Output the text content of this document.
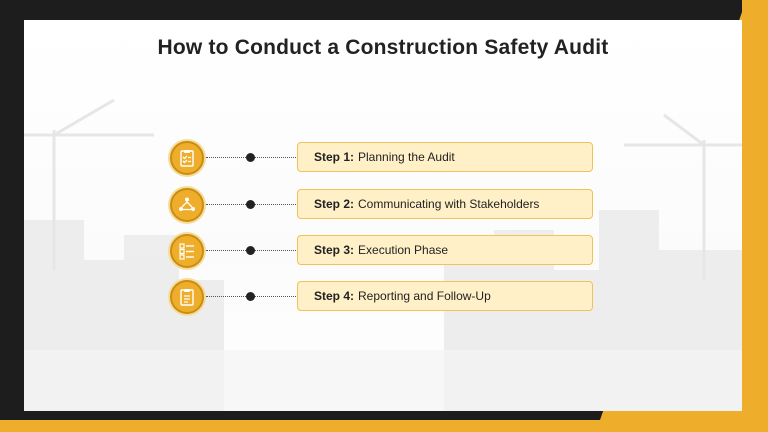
How to Conduct a Construction Safety Audit
Step 1: Planning the Audit
Step 2: Communicating with Stakeholders
Step 3: Execution Phase
Step 4: Reporting and Follow-Up
